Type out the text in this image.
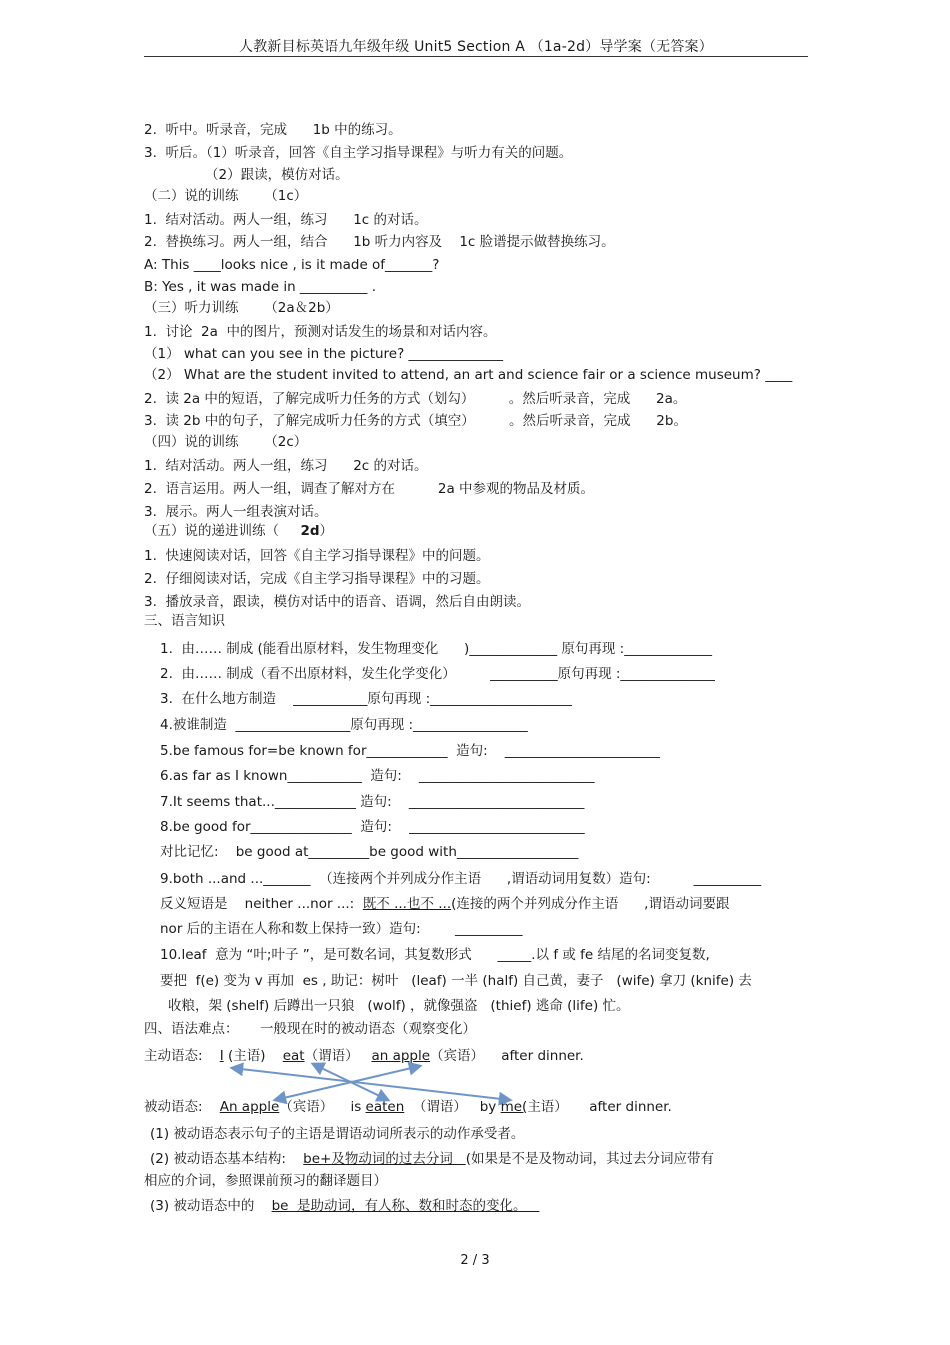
人教新目标英语九年级年级 Unit5 Section A （1a-2d）导学案（无答案）
2.  听中。听录音，完成      1b 中的练习。
3.  听后。（1）听录音，回答《自主学习指导课程》与听力有关的问题。
（2）跟读，模仿对话。
（二）说的训练      （1c）
1.  结对活动。两人一组，练习      1c 的对话。
2.  替换练习。两人一组，结合      1b 听力内容及    1c 脸谱提示做替换练习。
A: This ____looks nice , is it made of_______?
B: Yes , it was made in __________ .
（三）听力训练      （2a＆2b）
1.  讨论  2a  中的图片，预测对话发生的场景和对话内容。
（1） what can you see in the picture? ______________
（2） What are the student invited to attend, an art and science fair or a science museum? ____
2.  读 2a 中的短语，了解完成听力任务的方式（划勾）        。然后听录音，完成      2a。
3.  读 2b 中的句子，了解完成听力任务的方式（填空）        。然后听录音，完成      2b。
（四）说的训练      （2c）
1.  结对活动。两人一组，练习      2c 的对话。
2.  语言运用。两人一组，调查了解对方在          2a 中参观的物品及材质。
3.  展示。两人一组表演对话。
（五）说的递进训练（     2d）
1.  快速阅读对话，回答《自主学习指导课程》中的问题。
2.  仔细阅读对话，完成《自主学习指导课程》中的习题。
3.  播放录音，跟读，模仿对话中的语音、语调，然后自由朗读。
三、语言知识
1.  由…… 制成 (能看出原材料，发生物理变化      )_____________ 原句再现 :_____________
2.  由…… 制成（看不出原材料，发生化学变化）        __________原句再现 :______________
3.  在什么地方制造    ___________原句再现 :_____________________
4.被谁制造  _________________原句再现 :_________________
5.be famous for=be known for____________  造句:    _______________________
6.as far as I known___________  造句:    __________________________
7.It seems that...____________ 造句:    __________________________
8.be good for_______________  造句:    __________________________
对比记忆:    be good at_________be good with__________________
9.both ...and ..._______  （连接两个并列成分作主语      ,谓语动词用复数）造句:          __________
反义短语是    neither ...nor ...:  既不 ...也不 ...(连接的两个并列成分作主语      ,谓语动词要跟
nor 后的主语在人称和数上保持一致）造句:        __________
10.leaf  意为 “叶;叶子 ”，是可数名词，其复数形式      _____.以 f 或 fe 结尾的名词变复数,
要把  f(e) 变为 v 再加  es , 助记：树叶   (leaf) 一半 (half) 自己黄，妻子   (wife) 拿刀 (knife) 去
收粮，架 (shelf) 后蹲出一只狼   (wolf) ，就像强盗   (thief) 逃命 (life) 忙。
四、语法难点：     一般现在时的被动语态（观察变化）
主动语态:    I (主语)    eat（谓语）   an apple（宾语）    after dinner.
被动语态:    An apple（宾语）    is eaten  （谓语）   by me(主语）     after dinner.
(1) 被动语态表示句子的主语是谓语动词所表示的动作承受者。
(2) 被动语态基本结构:    be+及物动词的过去分词   (如果是不是及物动词，其过去分词应带有
相应的介词，参照课前预习的翻译题目）
(3) 被动语态中的    be  是助动词，有人称、数和时态的变化。
2 / 3
